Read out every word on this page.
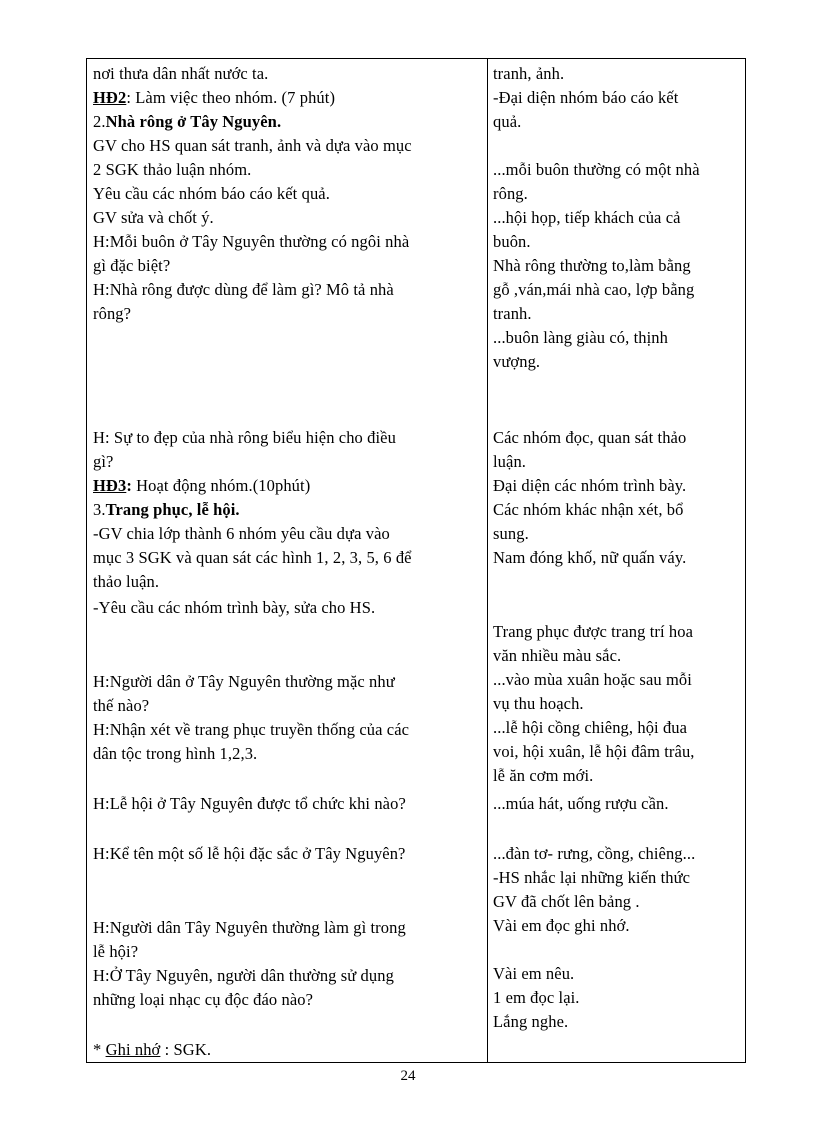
nơi thưa dân nhất nước ta.
HĐ2: Làm việc theo nhóm. (7 phút)
2.Nhà rông ở Tây Nguyên.
GV cho HS quan sát tranh, ảnh và dựa vào mục
2 SGK thảo luận nhóm.
Yêu cầu các nhóm báo cáo kết quả.
GV sửa và chốt ý.
H:Mỗi buôn ở Tây Nguyên thường có ngôi nhà
gì đặc biệt?
H:Nhà rông được dùng để làm gì? Mô tả nhà
rông?
H: Sự to đẹp của nhà rông biểu hiện cho điều
gì?
HĐ3: Hoạt động nhóm.(10phút)
3.Trang phục, lễ hội.
-GV chia lớp thành 6 nhóm yêu cầu dựa vào
mục 3 SGK và quan sát các hình 1, 2, 3, 5, 6 để
thảo luận.
-Yêu cầu các nhóm trình bày, sửa cho HS.
H:Người dân ở Tây Nguyên thường mặc như
thế nào?
H:Nhận xét về trang phục truyền thống của các
dân tộc trong hình 1,2,3.
H:Lễ hội ở Tây Nguyên được tổ chức khi nào?
H:Kể tên một số lễ hội đặc sắc ở Tây Nguyên?
H:Người dân Tây Nguyên thường làm gì trong
lễ hội?
H:Ở Tây Nguyên, người dân thường sử dụng
những loại nhạc cụ độc đáo nào?
* Ghi nhớ : SGK.
tranh, ảnh.
-Đại diện nhóm báo cáo kết
quả.
...mỗi buôn thường có một nhà
rông.
...hội họp, tiếp khách của cả
buôn.
Nhà rông thường to,làm bằng
gỗ ,ván,mái nhà cao, lợp bằng
tranh.
...buôn làng giàu có, thịnh
vượng.
Các nhóm đọc, quan sát thảo
luận.
Đại diện các nhóm trình bày.
Các nhóm khác nhận xét, bổ
sung.
Nam đóng khố, nữ quấn váy.
Trang phục được trang trí hoa
văn nhiều màu sắc.
...vào mùa xuân hoặc sau mỗi
vụ thu hoạch.
...lễ hội cồng chiêng, hội đua
voi, hội xuân, lễ hội đâm trâu,
lễ ăn cơm mới.
...múa hát, uống rượu cần.
...đàn tơ- rưng, cồng, chiêng...
-HS nhắc lại những kiến thức
GV đã chốt lên bảng .
Vài em đọc ghi nhớ.
Vài em nêu.
1 em đọc lại.
Lắng nghe.
24
